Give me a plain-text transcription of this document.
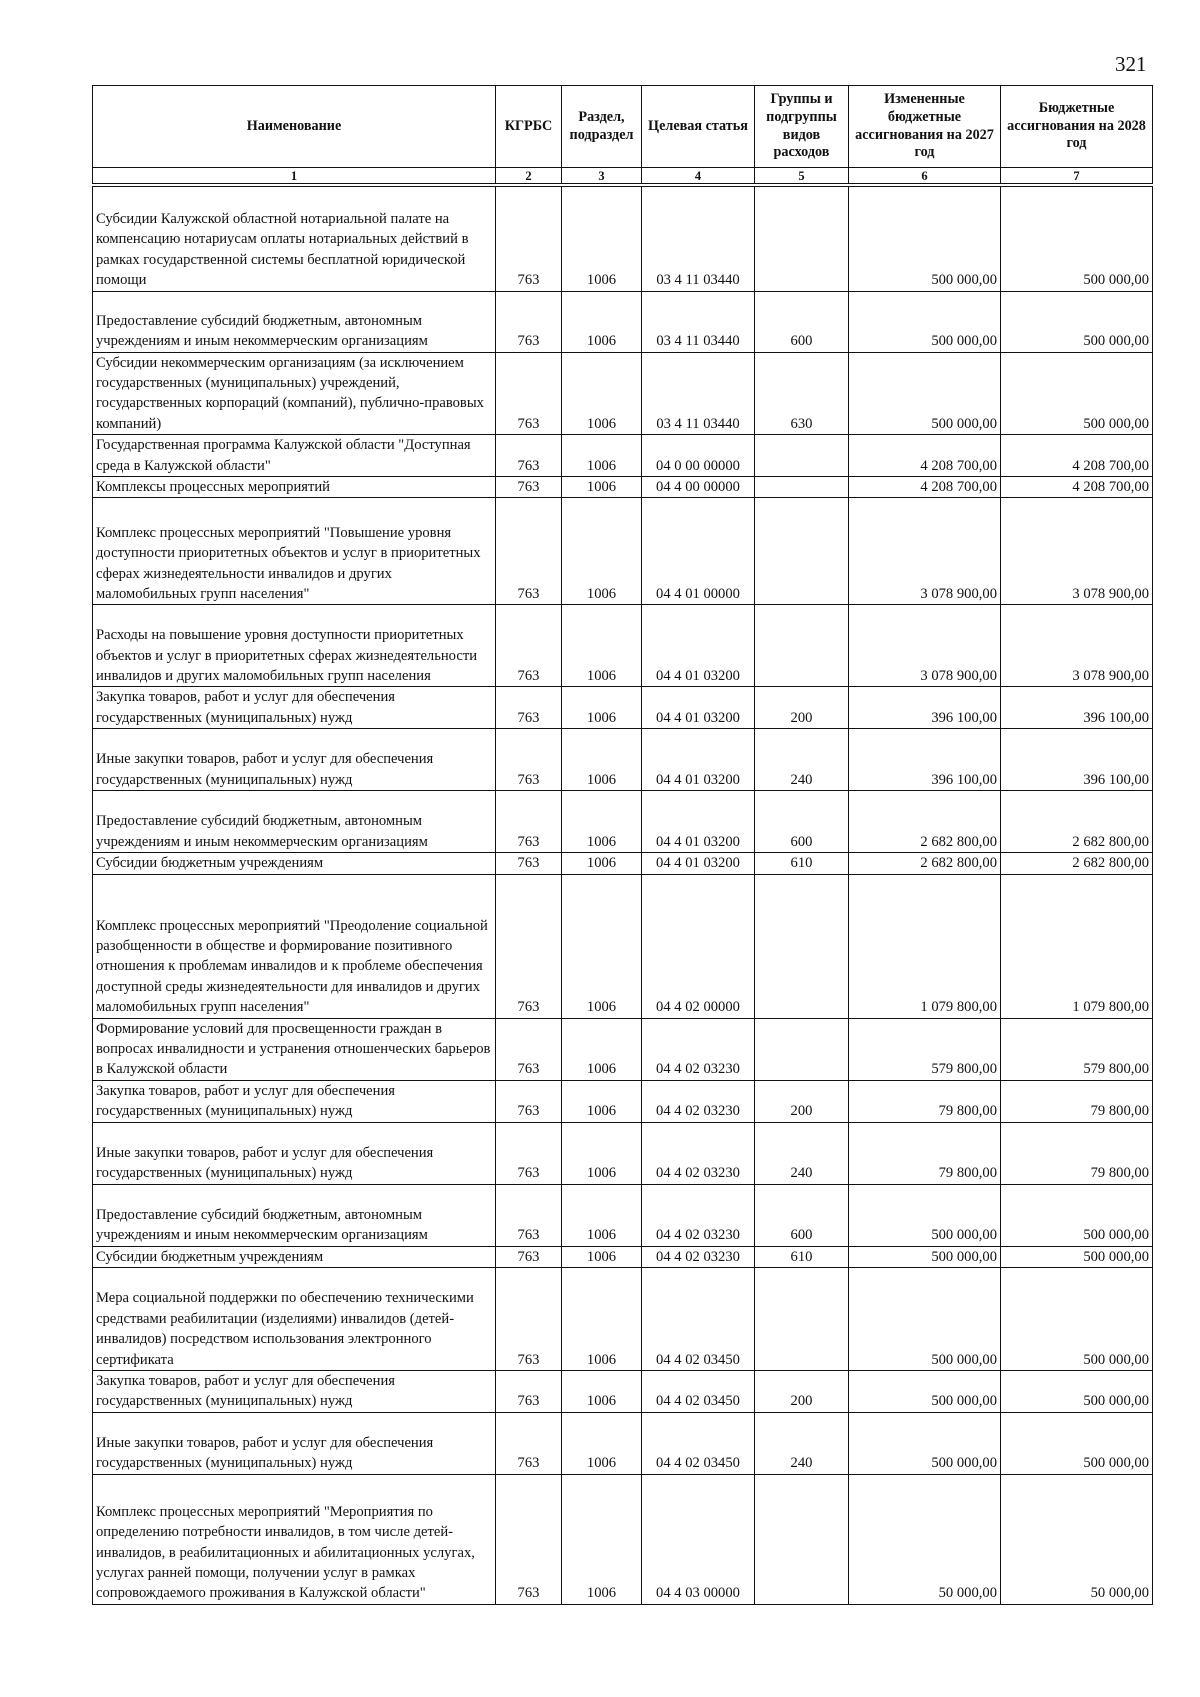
321
Наименование	КГРБС	Раздел, подраздел	Целевая статья	Группы и подгруппы видов расходов	Измененные бюджетные ассигнования на 2027 год	Бюджетные ассигнования на 2028 год
1	2	3	4	5	6	7
Субсидии Калужской областной нотариальной палате на компенсацию нотариусам оплаты нотариальных действий в рамках государственной системы бесплатной юридической помощи	763	1006	03 4 11 03440		500 000,00	500 000,00
Предоставление субсидий бюджетным, автономным учреждениям и иным некоммерческим организациям	763	1006	03 4 11 03440	600	500 000,00	500 000,00
Субсидии некоммерческим организациям (за исключением государственных (муниципальных) учреждений, государственных корпораций (компаний), публично-правовых компаний)	763	1006	03 4 11 03440	630	500 000,00	500 000,00
Государственная программа Калужской области "Доступная среда в Калужской области"	763	1006	04 0 00 00000		4 208 700,00	4 208 700,00
Комплексы процессных мероприятий	763	1006	04 4 00 00000		4 208 700,00	4 208 700,00
Комплекс процессных мероприятий "Повышение уровня доступности приоритетных объектов и услуг в приоритетных сферах жизнедеятельности инвалидов и других маломобильных групп населения"	763	1006	04 4 01 00000		3 078 900,00	3 078 900,00
Расходы на повышение уровня доступности приоритетных объектов и услуг в приоритетных сферах жизнедеятельности инвалидов и других маломобильных групп населения	763	1006	04 4 01 03200		3 078 900,00	3 078 900,00
Закупка товаров, работ и услуг для обеспечения государственных (муниципальных) нужд	763	1006	04 4 01 03200	200	396 100,00	396 100,00
Иные закупки товаров, работ и услуг для обеспечения государственных (муниципальных) нужд	763	1006	04 4 01 03200	240	396 100,00	396 100,00
Предоставление субсидий бюджетным, автономным учреждениям и иным некоммерческим организациям	763	1006	04 4 01 03200	600	2 682 800,00	2 682 800,00
Субсидии бюджетным учреждениям	763	1006	04 4 01 03200	610	2 682 800,00	2 682 800,00
Комплекс процессных мероприятий "Преодоление социальной разобщенности в обществе и формирование позитивного отношения к проблемам инвалидов и к проблеме обеспечения доступной среды жизнедеятельности для инвалидов и других маломобильных групп населения"	763	1006	04 4 02 00000		1 079 800,00	1 079 800,00
Формирование условий для просвещенности граждан в вопросах инвалидности и устранения отношенческих барьеров в Калужской области	763	1006	04 4 02 03230		579 800,00	579 800,00
Закупка товаров, работ и услуг для обеспечения государственных (муниципальных) нужд	763	1006	04 4 02 03230	200	79 800,00	79 800,00
Иные закупки товаров, работ и услуг для обеспечения государственных (муниципальных) нужд	763	1006	04 4 02 03230	240	79 800,00	79 800,00
Предоставление субсидий бюджетным, автономным учреждениям и иным некоммерческим организациям	763	1006	04 4 02 03230	600	500 000,00	500 000,00
Субсидии бюджетным учреждениям	763	1006	04 4 02 03230	610	500 000,00	500 000,00
Мера социальной поддержки по обеспечению техническими средствами реабилитации (изделиями) инвалидов (детей-инвалидов) посредством использования электронного сертификата	763	1006	04 4 02 03450		500 000,00	500 000,00
Закупка товаров, работ и услуг для обеспечения государственных (муниципальных) нужд	763	1006	04 4 02 03450	200	500 000,00	500 000,00
Иные закупки товаров, работ и услуг для обеспечения государственных (муниципальных) нужд	763	1006	04 4 02 03450	240	500 000,00	500 000,00
Комплекс процессных мероприятий "Мероприятия по определению потребности инвалидов, в том числе детей-инвалидов, в реабилитационных и абилитационных услугах, услугах ранней помощи, получении услуг в рамках сопровождаемого проживания в Калужской области"	763	1006	04 4 03 00000		50 000,00	50 000,00
